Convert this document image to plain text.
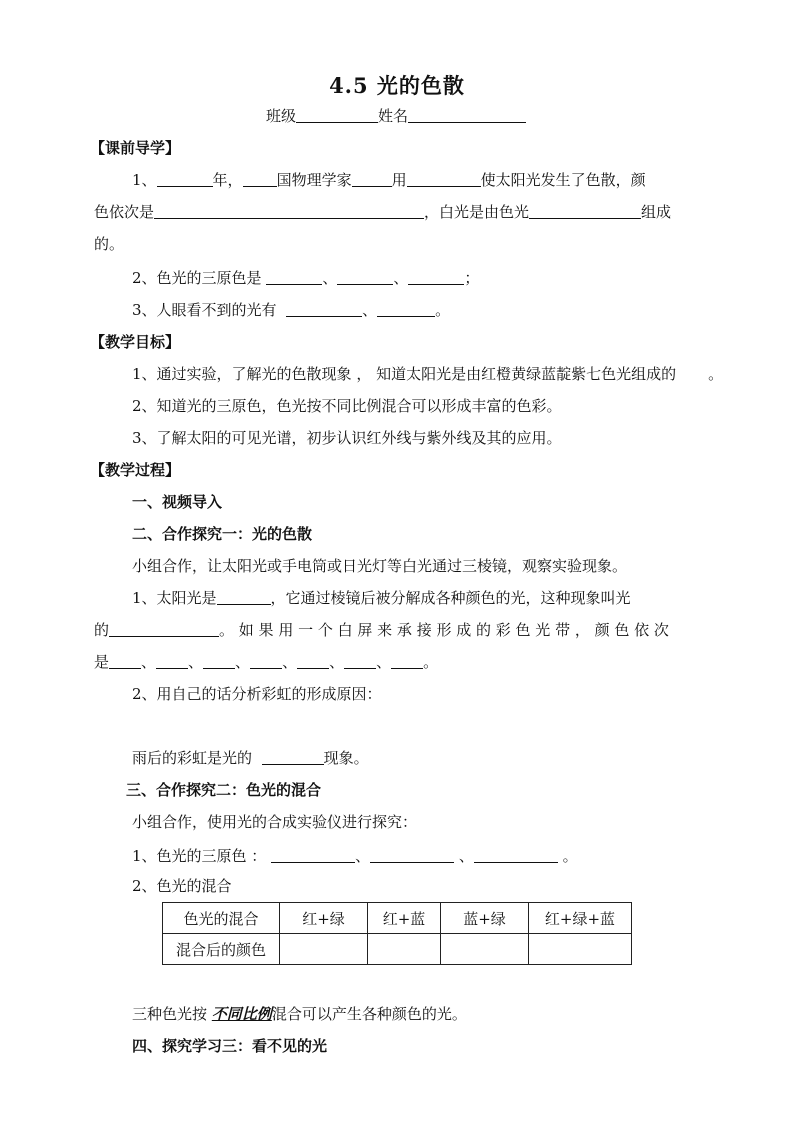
4.5 光的色散
班级	姓名
【课前导学】
1、	年， 国物理学家	用	使太阳光发生了色散，颜
色依次是	，白光是由色光	组成
的。
2、色光的三原色是	、	、	；
3、人眼看不到的光有	、	。
【教学目标】
1、通过实验，了解光的色散现象 ， 知道太阳光是由红橙黄绿蓝靛紫七色光组成的 。
2、知道光的三原色，色光按不同比例混合可以形成丰富的色彩。
3、了解太阳的可见光谱，初步认识红外线与紫外线及其的应用。
【教学过程】
一、视频导入
二、合作探究一：光的色散
小组合作，让太阳光或手电筒或日光灯等白光通过三棱镜，观察实验现象。
1、太阳光是	，它通过棱镜后被分解成各种颜色的光，这种现象叫光
的	。 如 果 用 一 个 白 屏 来 承 接 形 成 的 彩 色 光 带 ， 颜 色 依 次
是 、 、 、 、 、 、 。
2、用自己的话分析彩虹的形成原因：
雨后的彩虹是光的	现象。
三、合作探究二：色光的混合
小组合作，使用光的合成实验仪进行探究：
1、色光的三原色 ：	、	、	。
2、色光的混合
色光的混合	红+绿	红+蓝	蓝+绿	红+绿+蓝
混合后的颜色				
三种色光按 不同比例混合可以产生各种颜色的光。
四、探究学习三：看不见的光
